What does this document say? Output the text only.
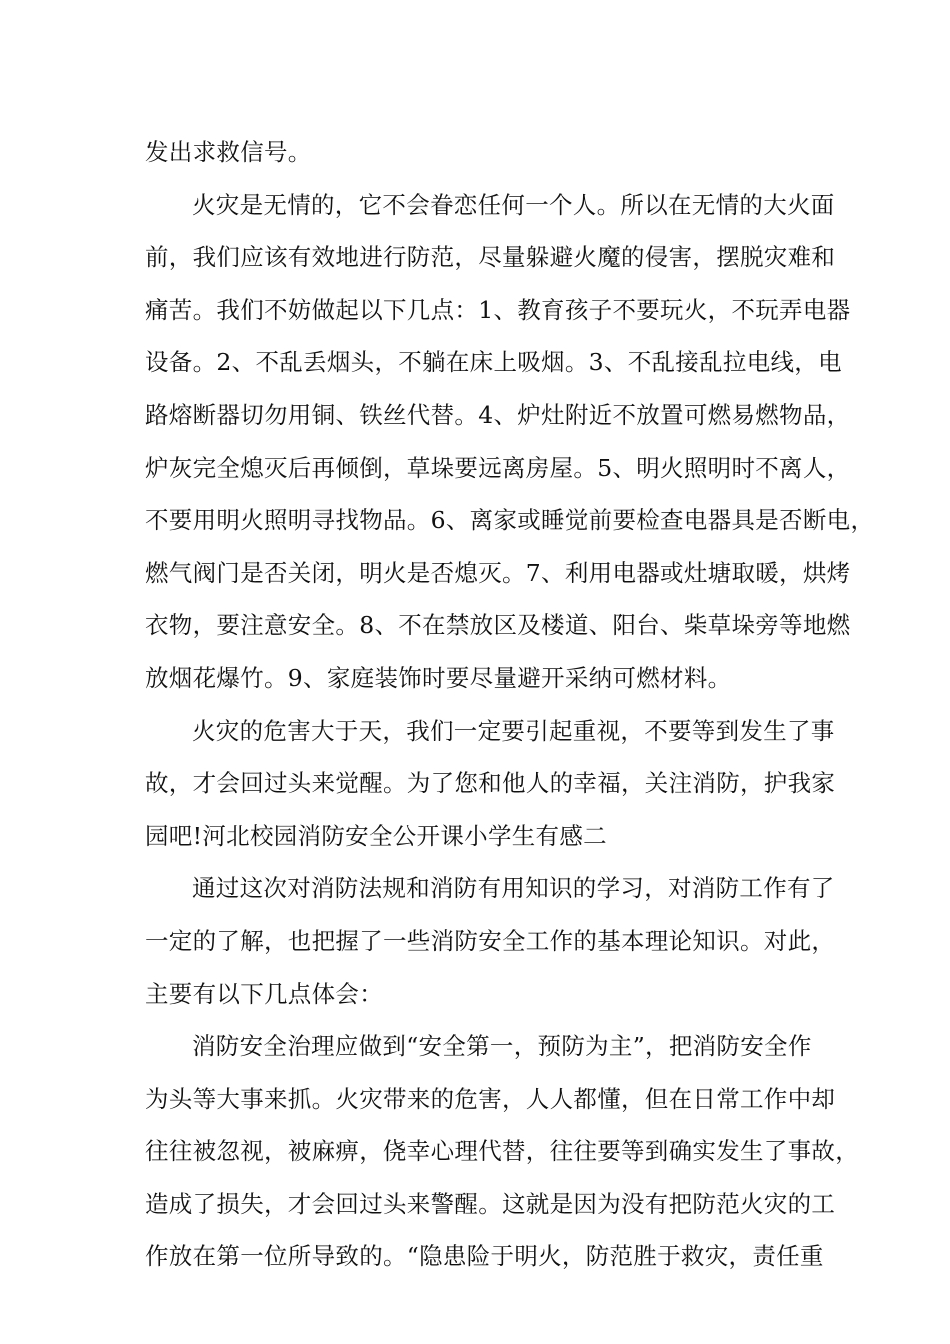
发出求救信号。
火灾是无情的，它不会眷恋任何一个人。所以在无情的大火面
前，我们应该有效地进行防范，尽量躲避火魔的侵害，摆脱灾难和
痛苦。我们不妨做起以下几点：1、教育孩子不要玩火，不玩弄电器
设备。2、不乱丢烟头，不躺在床上吸烟。3、不乱接乱拉电线，电
路熔断器切勿用铜、铁丝代替。4、炉灶附近不放置可燃易燃物品，
炉灰完全熄灭后再倾倒，草垛要远离房屋。5、明火照明时不离人，
不要用明火照明寻找物品。6、离家或睡觉前要检查电器具是否断电，
燃气阀门是否关闭，明火是否熄灭。7、利用电器或灶塘取暖，烘烤
衣物，要注意安全。8、不在禁放区及楼道、阳台、柴草垛旁等地燃
放烟花爆竹。9、家庭装饰时要尽量避开采纳可燃材料。
火灾的危害大于天，我们一定要引起重视，不要等到发生了事
故，才会回过头来觉醒。为了您和他人的幸福，关注消防，护我家
园吧!河北校园消防安全公开课小学生有感二
通过这次对消防法规和消防有用知识的学习，对消防工作有了
一定的了解，也把握了一些消防安全工作的基本理论知识。对此，
主要有以下几点体会：
消防安全治理应做到“安全第一，预防为主”，把消防安全作
为头等大事来抓。火灾带来的危害，人人都懂，但在日常工作中却
往往被忽视，被麻痹，侥幸心理代替，往往要等到确实发生了事故，
造成了损失，才会回过头来警醒。这就是因为没有把防范火灾的工
作放在第一位所导致的。“隐患险于明火，防范胜于救灾，责任重
